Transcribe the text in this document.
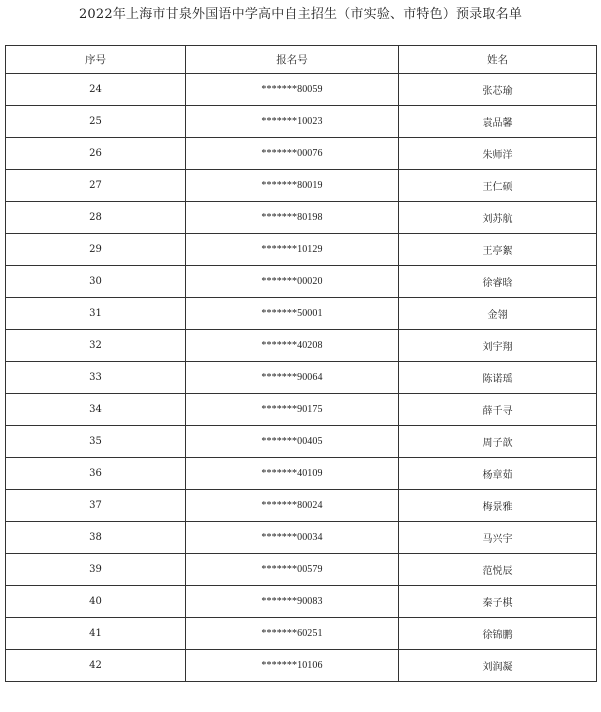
2022年上海市甘泉外国语中学高中自主招生（市实验、市特色）预录取名单
序号	报名号	姓名
24	*******80059	张芯瑜
25	*******10023	袁品馨
26	*******00076	朱师洋
27	*******80019	王仁硕
28	*******80198	刘苏航
29	*******10129	王亭絮
30	*******00020	徐睿晗
31	*******50001	金翎
32	*******40208	刘宇翔
33	*******90064	陈诺瑶
34	*******90175	薛千寻
35	*******00405	周子歆
36	*******40109	杨章茹
37	*******80024	梅景雅
38	*******00034	马兴宇
39	*******00579	范悦辰
40	*******90083	秦子棋
41	*******60251	徐锦鹏
42	*******10106	刘润凝
